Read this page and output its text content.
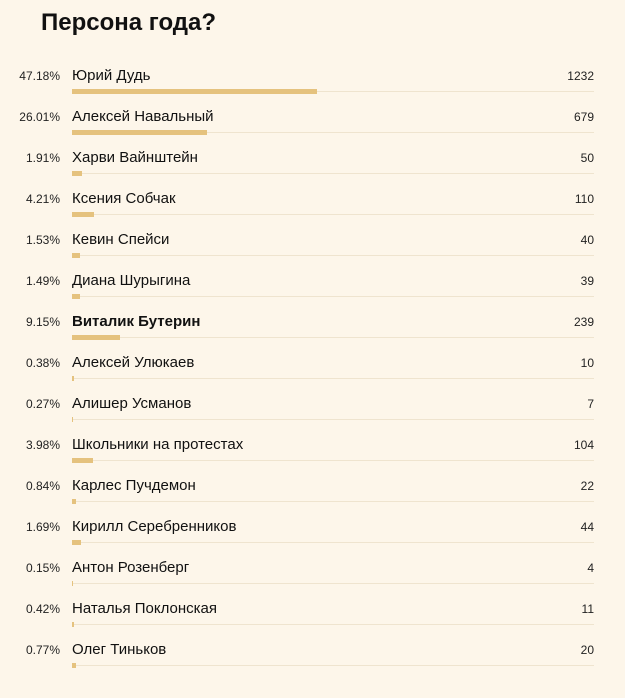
Персона года?
47.18% Юрий Дудь	1232
26.01% Алексей Навальный	679
1.91% Харви Вайнштейн	50
4.21% Ксения Собчак	110
1.53% Кевин Спейси	40
1.49% Диана Шурыгина	39
9.15% Виталик Бутерин	239
0.38% Алексей Улюкаев	10
0.27% Алишер Усманов	7
3.98% Школьники на протестах	104
0.84% Карлес Пучдемон	22
1.69% Кирилл Серебренников	44
0.15% Антон Розенберг	4
0.42% Наталья Поклонская	11
0.77% Олег Тиньков	20
